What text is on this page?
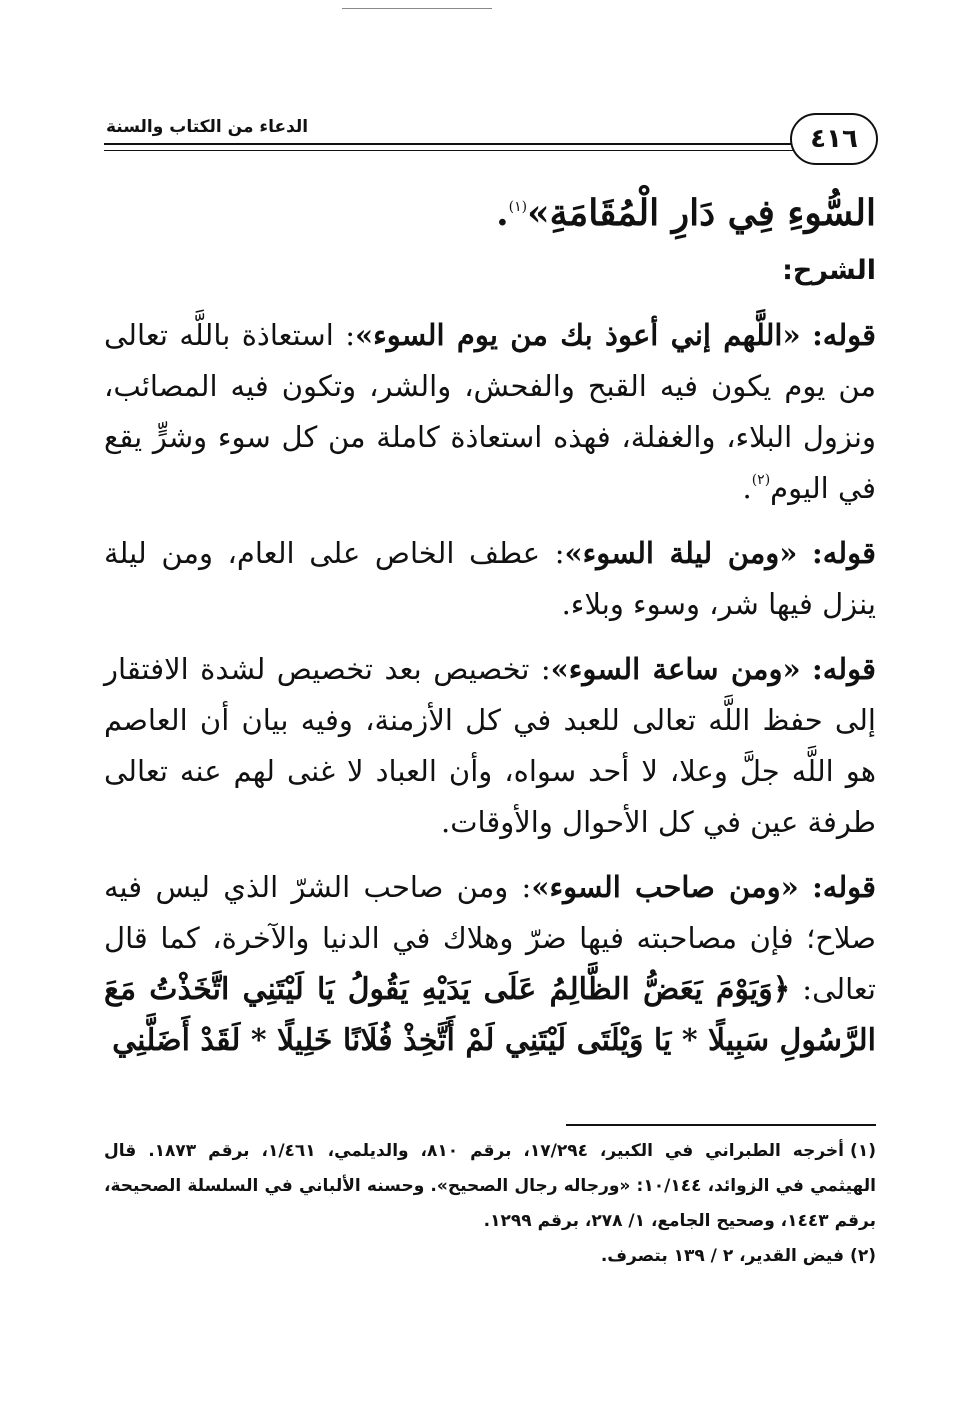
الدعاء من الكتاب والسنة	٤١٦

السُّوءِ فِي دَارِ الْمُقَامَةِ»$^{(١)}$.

الشرح:

قوله: «اللَّهم إني أعوذ بك من يوم السوء»: استعاذة باللَّه تعالى من يوم يكون فيه القبح والفحش، والشر، وتكون فيه المصائب، ونزول البلاء، والغفلة، فهذه استعاذة كاملة من كل سوء وشرٍّ يقع في اليوم$^{(٢)}$.

قوله: «ومن ليلة السوء»: عطف الخاص على العام، ومن ليلة ينزل فيها شر، وسوء وبلاء.

قوله: «ومن ساعة السوء»: تخصيص بعد تخصيص لشدة الافتقار إلى حفظ اللَّه تعالى للعبد في كل الأزمنة، وفيه بيان أن العاصم هو اللَّه جلَّ وعلا، لا أحد سواه، وأن العباد لا غنى لهم عنه تعالى طرفة عين في كل الأحوال والأوقات.

قوله: «ومن صاحب السوء»: ومن صاحب الشرّ الذي ليس فيه صلاح؛ فإن مصاحبته فيها ضرّ وهلاك في الدنيا والآخرة، كما قال تعالى: ﴿وَيَوْمَ يَعَضُّ الظَّالِمُ عَلَى يَدَيْهِ يَقُولُ يَا لَيْتَنِي اتَّخَذْتُ مَعَ الرَّسُولِ سَبِيلًا * يَا وَيْلَتَى لَيْتَنِي لَمْ أَتَّخِذْ فُلَانًا خَلِيلًا * لَقَدْ أَضَلَّنِي

(١)أخرجه الطبراني في الكبير، ١٧/٢٩٤، برقم ٨١٠، والديلمي، ١/٤٦١، برقم ١٨٧٣. قال الهيثمي في الزوائد، ١٠/١٤٤: «ورجاله رجال الصحيح». وحسنه الألباني في السلسلة الصحيحة، برقم ١٤٤٣، وصحيح الجامع، ١/ ٢٧٨، برقم ١٢٩٩.

(٢)فيض القدير، ٢ / ١٣٩ بتصرف.
